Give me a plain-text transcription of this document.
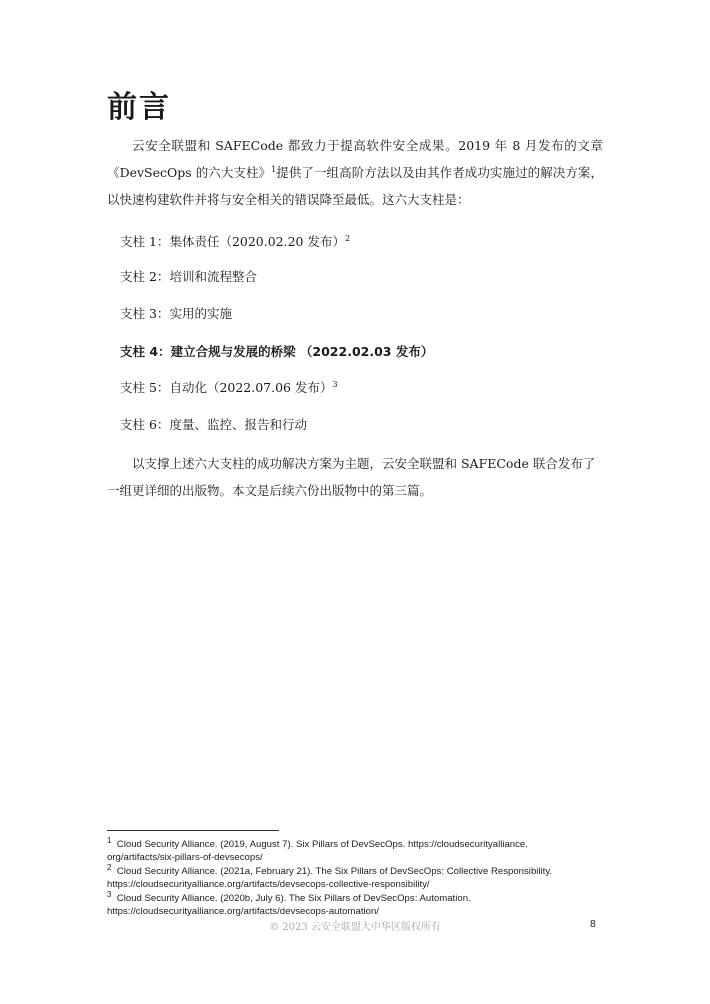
前言

云安全联盟和 SAFECode 都致力于提高软件安全成果。2019 年 8 月发布的文章《DevSecOps 的六大支柱》$^1$提供了一组高阶方法以及由其作者成功实施过的解决方案，以快速构建软件并将与安全相关的错误降至最低。这六大支柱是：

支柱 1：集体责任（2020.02.20 发布）$^2$

支柱 2：培训和流程整合

支柱 3：实用的实施

支柱 4：建立合规与发展的桥梁 （2022.02.03 发布）

支柱 5：自动化（2022.07.06 发布）$^3$

支柱 6：度量、监控、报告和行动

以支撑上述六大支柱的成功解决方案为主题，云安全联盟和 SAFECode 联合发布了一组更详细的出版物。本文是后续六份出版物中的第三篇。

$^1$ Cloud Security Alliance. (2019, August 7). Six Pillars of DevSecOps. https://cloudsecurityalliance.

org/artifacts/six-pillars-of-devsecops/

$^2$ Cloud Security Alliance. (2021a, February 21). The Six Pillars of DevSecOps: Collective Responsibility.

https://cloudsecurityalliance.org/artifacts/devsecops-collective-responsibility/

$^3$ Cloud Security Alliance. (2020b, July 6). The Six Pillars of DevSecOps: Automation.

https://cloudsecurityalliance.org/artifacts/devsecops-automation/

© 2023 云安全联盟大中华区版权所有	8
